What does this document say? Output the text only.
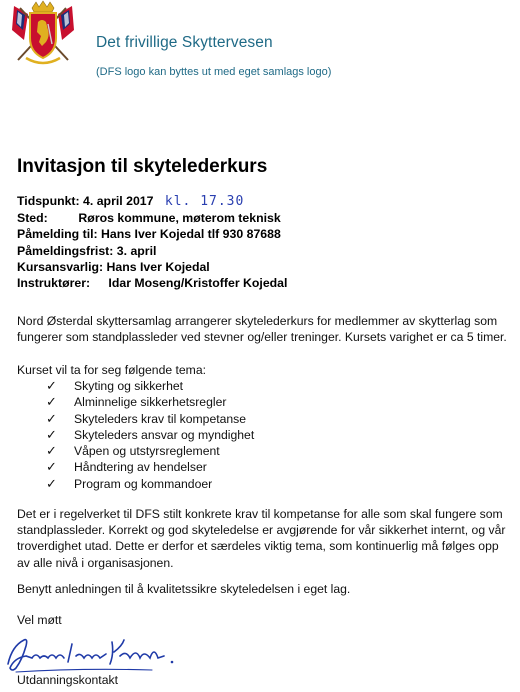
Det frivillige Skyttervesen
(DFS logo kan byttes ut med eget samlags logo)
Invitasjon til skytelederkurs
Tidspunkt: 4. april 2017 kl. 17.30
Sted: Røros kommune, møterom teknisk
Påmelding til: Hans Iver Kojedal tlf 930 87688
Påmeldingsfrist: 3. april
Kursansvarlig: Hans Iver Kojedal
Instruktører: Idar Moseng/Kristoffer Kojedal
Nord Østerdal skyttersamlag arrangerer skytelederkurs for medlemmer av skytterlag som fungerer som standplassleder ved stevner og/eller treninger. Kursets varighet er ca 5 timer.
Kurset vil ta for seg følgende tema:
✓ Skyting og sikkerhet
✓ Alminnelige sikkerhetsregler
✓ Skyteleders krav til kompetanse
✓ Skyteleders ansvar og myndighet
✓ Våpen og utstyrsreglement
✓ Håndtering av hendelser
✓ Program og kommandoer
Det er i regelverket til DFS stilt konkrete krav til kompetanse for alle som skal fungere som standplassleder. Korrekt og god skyteledelse er avgjørende for vår sikkerhet internt, og vår troverdighet utad. Dette er derfor et særdeles viktig tema, som kontinuerlig må følges opp av alle nivå i organisasjonen.
Benytt anledningen til å kvalitetssikre skyteledelsen i eget lag.
Vel møtt
Utdanningskontakt
